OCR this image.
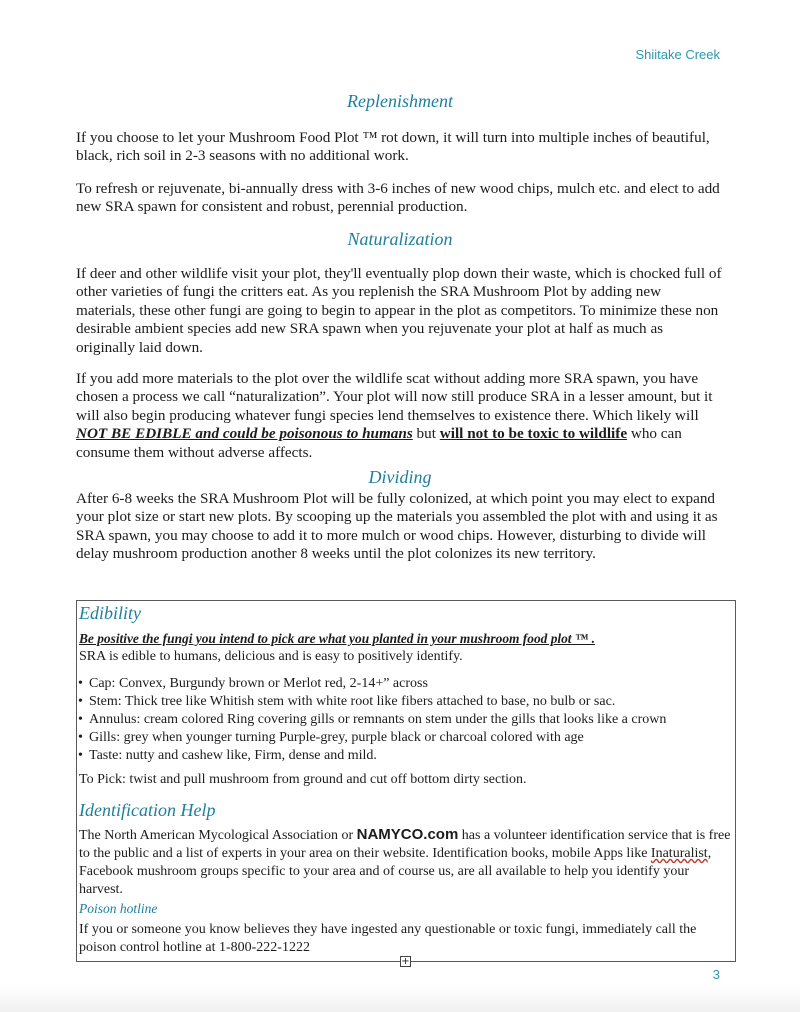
Shiitake Creek
Replenishment

If you choose to let your Mushroom Food Plot ™ rot down, it will turn into multiple inches of beautiful, black, rich soil in 2-3 seasons with no additional work.

To refresh or rejuvenate, bi-annually dress with 3-6 inches of new wood chips, mulch etc. and elect to add new SRA spawn for consistent and robust, perennial production.

Naturalization

If deer and other wildlife visit your plot, they'll eventually plop down their waste, which is chocked full of other varieties of fungi the critters eat. As you replenish the SRA Mushroom Plot by adding new materials, these other fungi are going to begin to appear in the plot as competitors. To minimize these non desirable ambient species add new SRA spawn when you rejuvenate your plot at half as much as originally laid down.

If you add more materials to the plot over the wildlife scat without adding more SRA spawn, you have chosen a process we call “naturalization”. Your plot will now still produce SRA in a lesser amount, but it will also begin producing whatever fungi species lend themselves to existence there. Which likely will NOT BE EDIBLE and could be poisonous to humans but will not to be toxic to wildlife who can consume them without adverse affects.

Dividing

After 6-8 weeks the SRA Mushroom Plot will be fully colonized, at which point you may elect to expand your plot size or start new plots. By scooping up the materials you assembled the plot with and using it as SRA spawn, you may choose to add it to more mulch or wood chips. However, disturbing to divide will delay mushroom production another 8 weeks until the plot colonizes its new territory.

Edibility

Be positive the fungi you intend to pick are what you planted in your mushroom food plot ™ .

SRA is edible to humans, delicious and is easy to positively identify.

• Cap: Convex, Burgundy brown or Merlot red, 2-14+” across
• Stem: Thick tree like Whitish stem with white root like fibers attached to base, no bulb or sac.
• Annulus: cream colored Ring covering gills or remnants on stem under the gills that looks like a crown
• Gills: grey when younger turning Purple-grey, purple black or charcoal colored with age
• Taste: nutty and cashew like, Firm, dense and mild.

To Pick: twist and pull mushroom from ground and cut off bottom dirty section.

Identification Help

The North American Mycological Association or NAMYCO.com has a volunteer identification service that is free to the public and a list of experts in your area on their website. Identification books, mobile Apps like Inaturalist, Facebook mushroom groups specific to your area and of course us, are all available to help you identify your harvest.

Poison hotline

If you or someone you know believes they have ingested any questionable or toxic fungi, immediately call the poison control hotline at 1-800-222-1222

+
3
